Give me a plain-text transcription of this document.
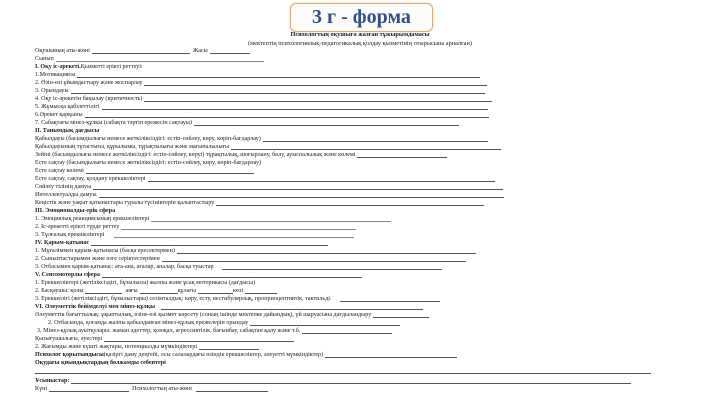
3 г - форма
Психологтың оқушыға жазған тұжырымдамасы
(мектептің психологиялық-педагогикалық қолдау қызметінің отырысына арналған)
Оқушының аты-жөні	Жасы
Сынып
I. Оқу іс-әрекеті. Қызметті ерікті реттеуі:
1.Мотивациясы
2. Өзін-өзі ұйымдастыру және жоспарлау
3. Орындауы
4. Оқу іс-әрекетін бақылау (критичность)
5. Жұмысқа қабілеттілігі
6.Әрекет қарқыны
7. Сабақтағы мінез-құлқы (сабақта тәртіп ережесін сақтауы)
II. Танымдық дағдысы
Қабылдауы (басымдылығы немесе жеткіліксіздігі: естіп-сөйлеу, көру, көріп-бағдарлау)
Қабылдауының тұтастығы, құрылымы, тұрақтылығы және мағыналылығы
Зейіні (басымдылығы немесе жеткіліксіздігі: естіп-сөйлеу, көруі) тұрақтылық, шоғырлану, бөлу, ауыспалылық және көлемі
Есте сақтау (басымдылығы немесе жеткіліксіздігі: естіп-сөйлеу, көру, көріп-бағдарлау)
Есте сақтау көлемі
Есте сақтау, сақтау, қолдану ерекшеліктері
Сөйлеу тілінің дамуы
Интеллектуалды дамуы
Кеңістік және уақыт қатынастары туралы түсініктерін қалыптастыру
III. Эмоционалды-ерік сфера
1. Эмоциялық реакциясының ерекшеліктері
2. Іс-әрекетті ерікті түрде реттеу
3. Тұлғалық ерекшеліктері
IV. Қарым-қатынас
1. Мұғаліммен қарым-қатынасы (басқа ересектермен)
2. Сыныптастарымен және өзге серіктестерімен
3. Отбасымен қарым-қатынас: ата-ана, ағалар, апалар, басқа туыстар
V. Сенсомоторлы сфера
1. Ерекшеліктері (жетіліксіздігі, бұзылысы) жалпы және ұсақ моторикасы (дағдысы)
2. Басқаушы: қолы	аяғы	құлағы	көзі
3. Ерекшелігі (жетіліксіздігі, бұзылыстары) сезімталдық: көру, есту, вестибулярлық, проприоцептивтік, тактильді.
VI. Әлеуметтік бейімделуі мен мінез-құлқы
Әлеуметтік бағыттылық: ұқыптылық, өзіне-өзі қызмет көрсету (соның ішінде мектепке дайындық), үй шаруасына дағдыландыру
2. Отбасында, қоғамда жалпы қабылданған мінез-құлық ережелерін орындау
3. Мінез-құлық ауытқулары: жаман әдеттер, қоюқал, агрессивтілік, бағынбау, сабақтан қалу және т.б.
Қызығушылығы, әуестері
2. Жағымды және күшті жақтары, потенциалды мүмкіндіктері
Психолог қорытындысы (қазіргі даму деңгейі, осы салалардағы өзіндік ерекшеліктер, әлеуетті мүмкіндіктер)
Оқудағы қиындықтардың болжамды себептері
Ұсыныстар:
Күні	Психологтың аты-жөні
